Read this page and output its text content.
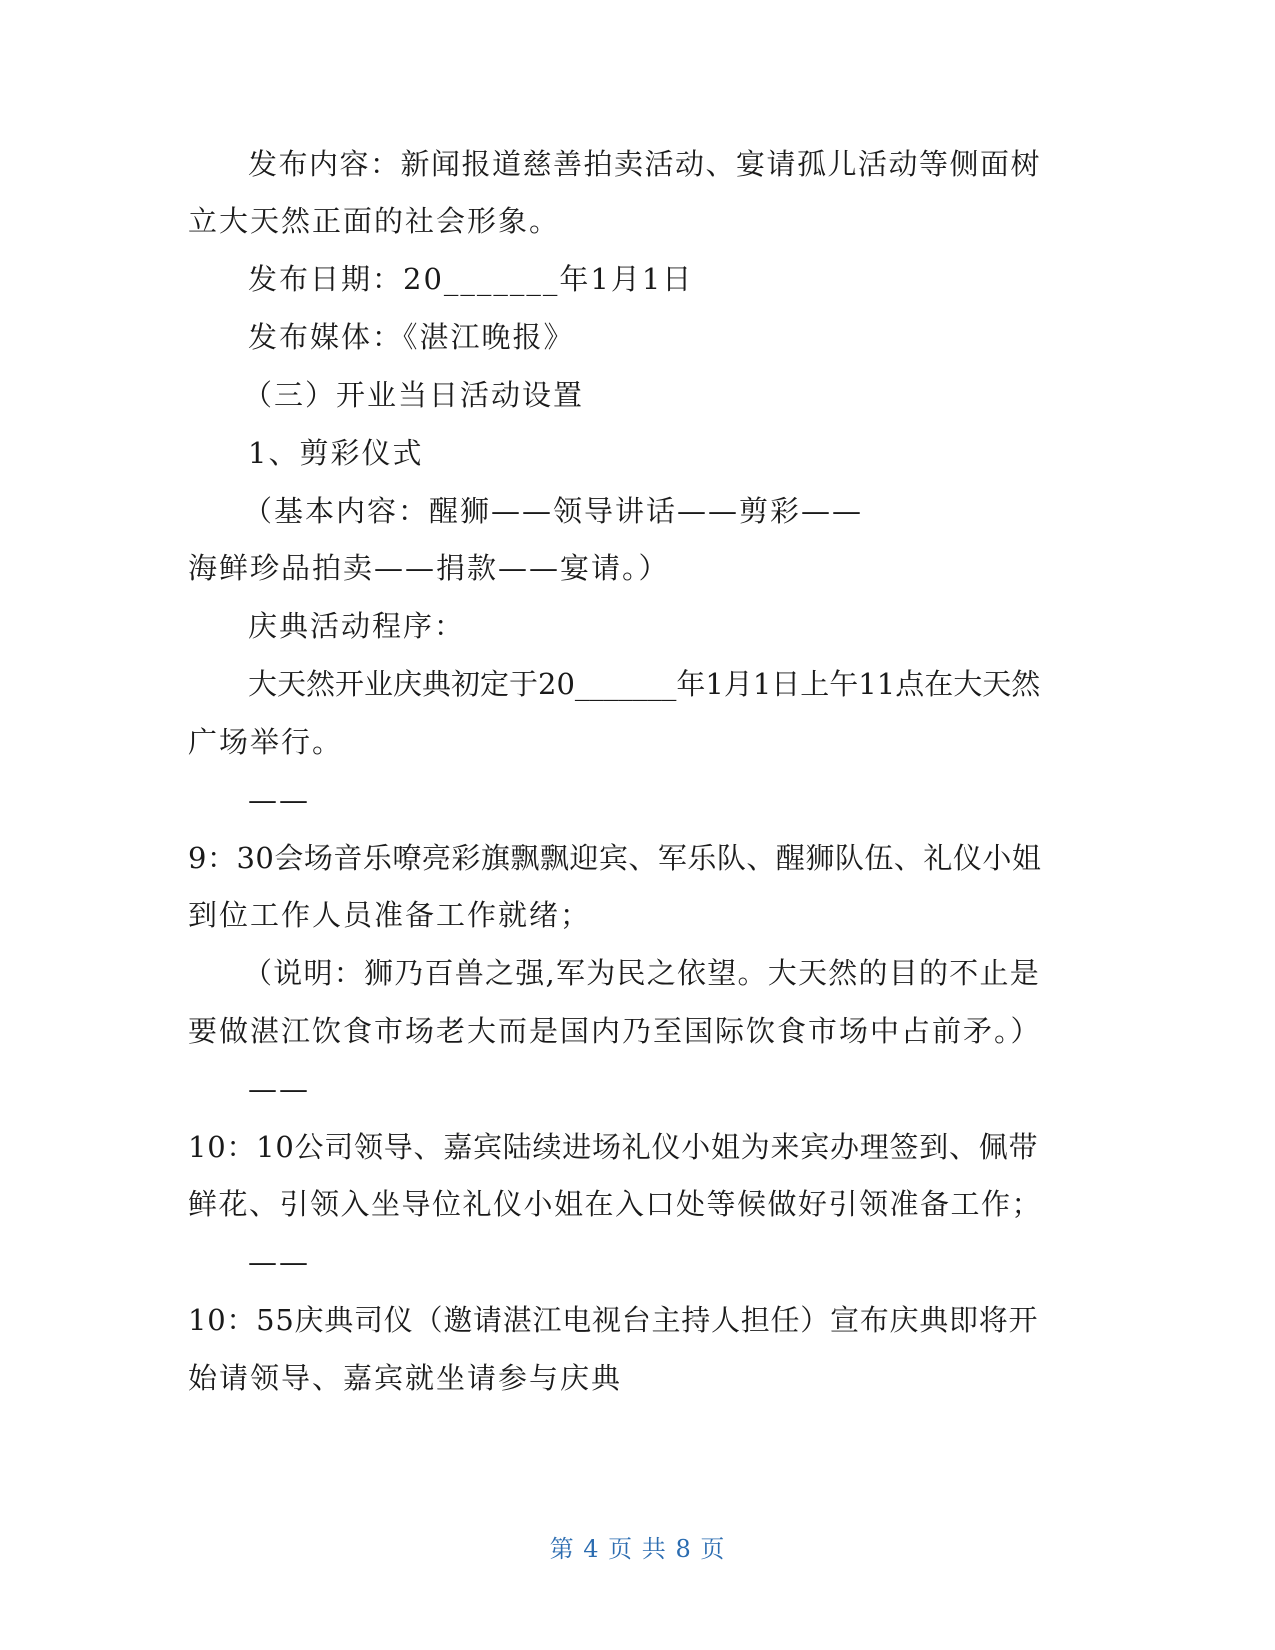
发布内容：新闻报道慈善拍卖活动、宴请孤儿活动等侧面树
立大天然正面的社会形象。
发布日期：20_______年1月1日
发布媒体：《湛江晚报》
（三）开业当日活动设置
1、剪彩仪式
（基本内容：醒狮——领导讲话——剪彩——
海鲜珍品拍卖——捐款——宴请。）
庆典活动程序：
大天然开业庆典初定于20_______年1月1日上午11点在大天然
广场举行。
——
9：30会场音乐嘹亮彩旗飘飘迎宾、军乐队、醒狮队伍、礼仪小姐
到位工作人员准备工作就绪；
（说明：狮乃百兽之强,军为民之依望。大天然的目的不止是
要做湛江饮食市场老大而是国内乃至国际饮食市场中占前矛。）
——
10：10公司领导、嘉宾陆续进场礼仪小姐为来宾办理签到、佩带
鲜花、引领入坐导位礼仪小姐在入口处等候做好引领准备工作；
——
10：55庆典司仪（邀请湛江电视台主持人担任）宣布庆典即将开
始请领导、嘉宾就坐请参与庆典
第 4 页 共 8 页
